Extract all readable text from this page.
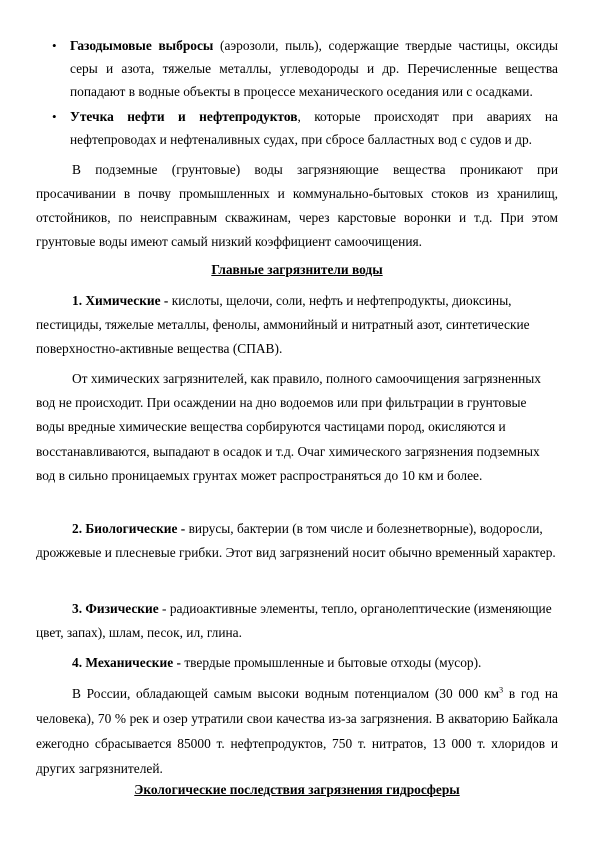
• Газодымовые выбросы (аэрозоли, пыль), содержащие твердые частицы, оксиды серы и азота, тяжелые металлы, углеводороды и др. Перечисленные вещества попадают в водные объекты в процессе механического оседания или с осадками.
• Утечка нефти и нефтепродуктов, которые происходят при авариях на нефтепроводах и нефтеналивных судах, при сбросе балластных вод с судов и др.

В подземные (грунтовые) воды загрязняющие вещества проникают при просачивании в почву промышленных и коммунально-бытовых стоков из хранилищ, отстойников, по неисправным скважинам, через карстовые воронки и т.д. При этом грунтовые воды имеют самый низкий коэффициент самоочищения.

Главные загрязнители воды

1. Химические - кислоты, щелочи, соли, нефть и нефтепродукты, диоксины, пестициды, тяжелые металлы, фенолы, аммонийный и нитратный азот, синтетические поверхностно-активные вещества (СПАВ).

От химических загрязнителей, как правило, полного самоочищения загрязненных вод не происходит. При осаждении на дно водоемов или при фильтрации в грунтовые воды вредные химические вещества сорбируются частицами пород, окисляются и восстанавливаются, выпадают в осадок и т.д. Очаг химического загрязнения подземных вод в сильно проницаемых грунтах может распространяться до 10 км и более.

2. Биологические - вирусы, бактерии (в том числе и болезнетворные), водоросли, дрожжевые и плесневые грибки. Этот вид загрязнений носит обычно временный характер.

3. Физические - радиоактивные элементы, тепло, органолептические (изменяющие цвет, запах), шлам, песок, ил, глина.

4. Механические - твердые промышленные и бытовые отходы (мусор).

В России, обладающей самым высоки водным потенциалом (30 000 $км^3$ в год на человека), 70 % рек и озер утратили свои качества из-за загрязнения. В акваторию Байкала ежегодно сбрасывается 85000 т. нефтепродуктов, 750 т. нитратов, 13 000 т. хлоридов и других загрязнителей.

Экологические последствия загрязнения гидросферы
